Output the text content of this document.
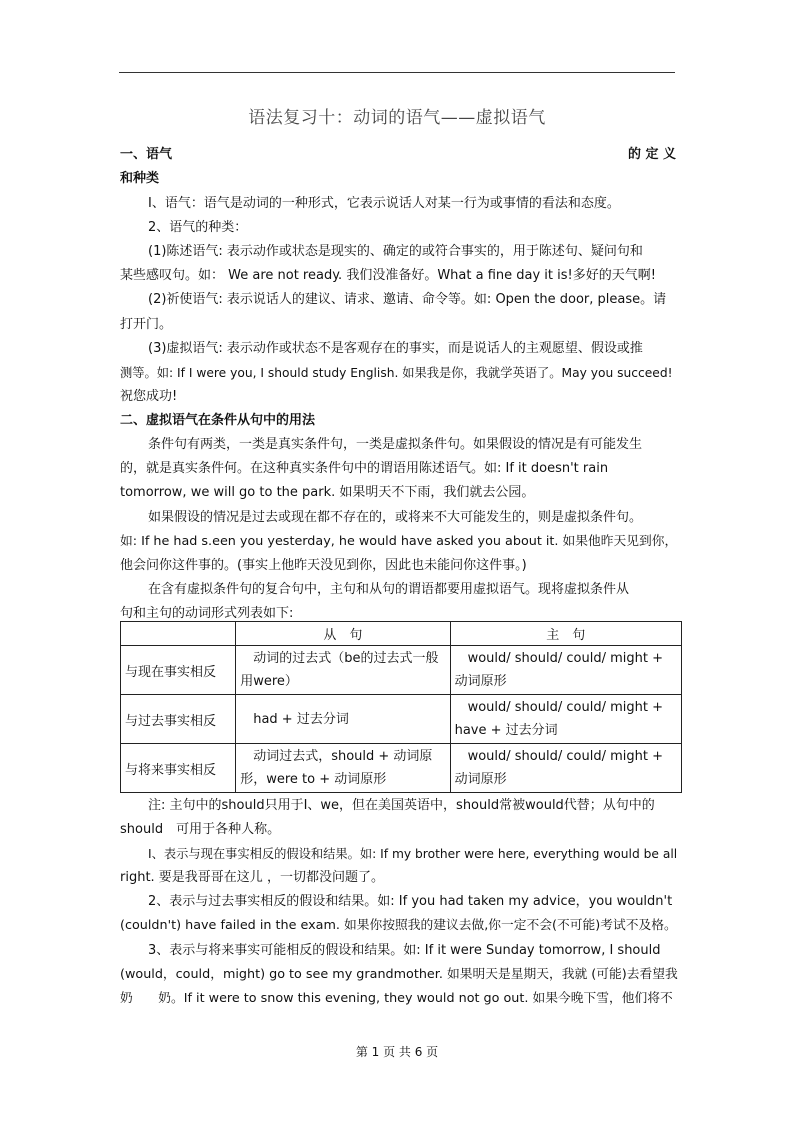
语法复习十：动词的语气——虚拟语气
一、语气	的 定 义
和种类
Ⅰ、语气：语气是动词的一种形式，它表示说话人对某一行为或事情的看法和态度。
2、语气的种类：
(1)陈述语气: 表示动作或状态是现实的、确定的或符合事实的，用于陈述句、疑问句和
某些感叹句。如： We are not ready. 我们没准备好。What a fine day it is!多好的天气啊!
(2)祈使语气: 表示说话人的建议、请求、邀请、命令等。如: Open the door, please。请
打开门。
(3)虚拟语气: 表示动作或状态不是客观存在的事实，而是说话人的主观愿望、假设或推
测等。如: If I were you, I should study English. 如果我是你，我就学英语了。May you succeed!
祝您成功!
二、虚拟语气在条件从句中的用法
条件句有两类，一类是真实条件句，一类是虚拟条件句。如果假设的情况是有可能发生
的，就是真实条件何。在这种真实条件句中的谓语用陈述语气。如: If it doesn't rain
tomorrow, we will go to the park. 如果明天不下雨，我们就去公园。
如果假设的情况是过去或现在都不存在的，或将来不大可能发生的，则是虚拟条件句。
如: If he had s.een you yesterday, he would have asked you about it. 如果他昨天见到你，
他会问你这件事的。(事实上他昨天没见到你，因此也未能问你这件事。)
在含有虚拟条件句的复合句中，主句和从句的谓语都要用虚拟语气。现将虚拟条件从
句和主句的动词形式列表如下:
	从　句	主　句
与现在事实相反	　动词的过去式（be的过去式一般用were）	　would/ should/ could/ might + 动词原形
与过去事实相反	　had + 过去分词	　would/ should/ could/ might + have + 过去分词
与将来事实相反	　动词过去式，should + 动词原形，were to + 动词原形	　would/ should/ could/ might + 动词原形
注: 主句中的should只用于I、we，但在美国英语中，should常被would代替；从句中的
should　可用于各种人称。
Ⅰ、表示与现在事实相反的假设和结果。如: If my brother were here, everything would be all
right. 要是我哥哥在这儿 ，一切都没问题了。
2、表示与过去事实相反的假设和结果。如: If you had taken my advice，you wouldn't
(couldn't) have failed in the exam. 如果你按照我的建议去做,你一定不会(不可能)考试不及格。
3、表示与将来事实可能相反的假设和结果。如: If it were Sunday tomorrow, I should
(would，could，might) go to see my grandmother. 如果明天是星期天，我就 (可能)去看望我
奶　　奶。If it were to snow this evening, they would not go out. 如果今晚下雪，他们将不
第 1 页 共 6 页
